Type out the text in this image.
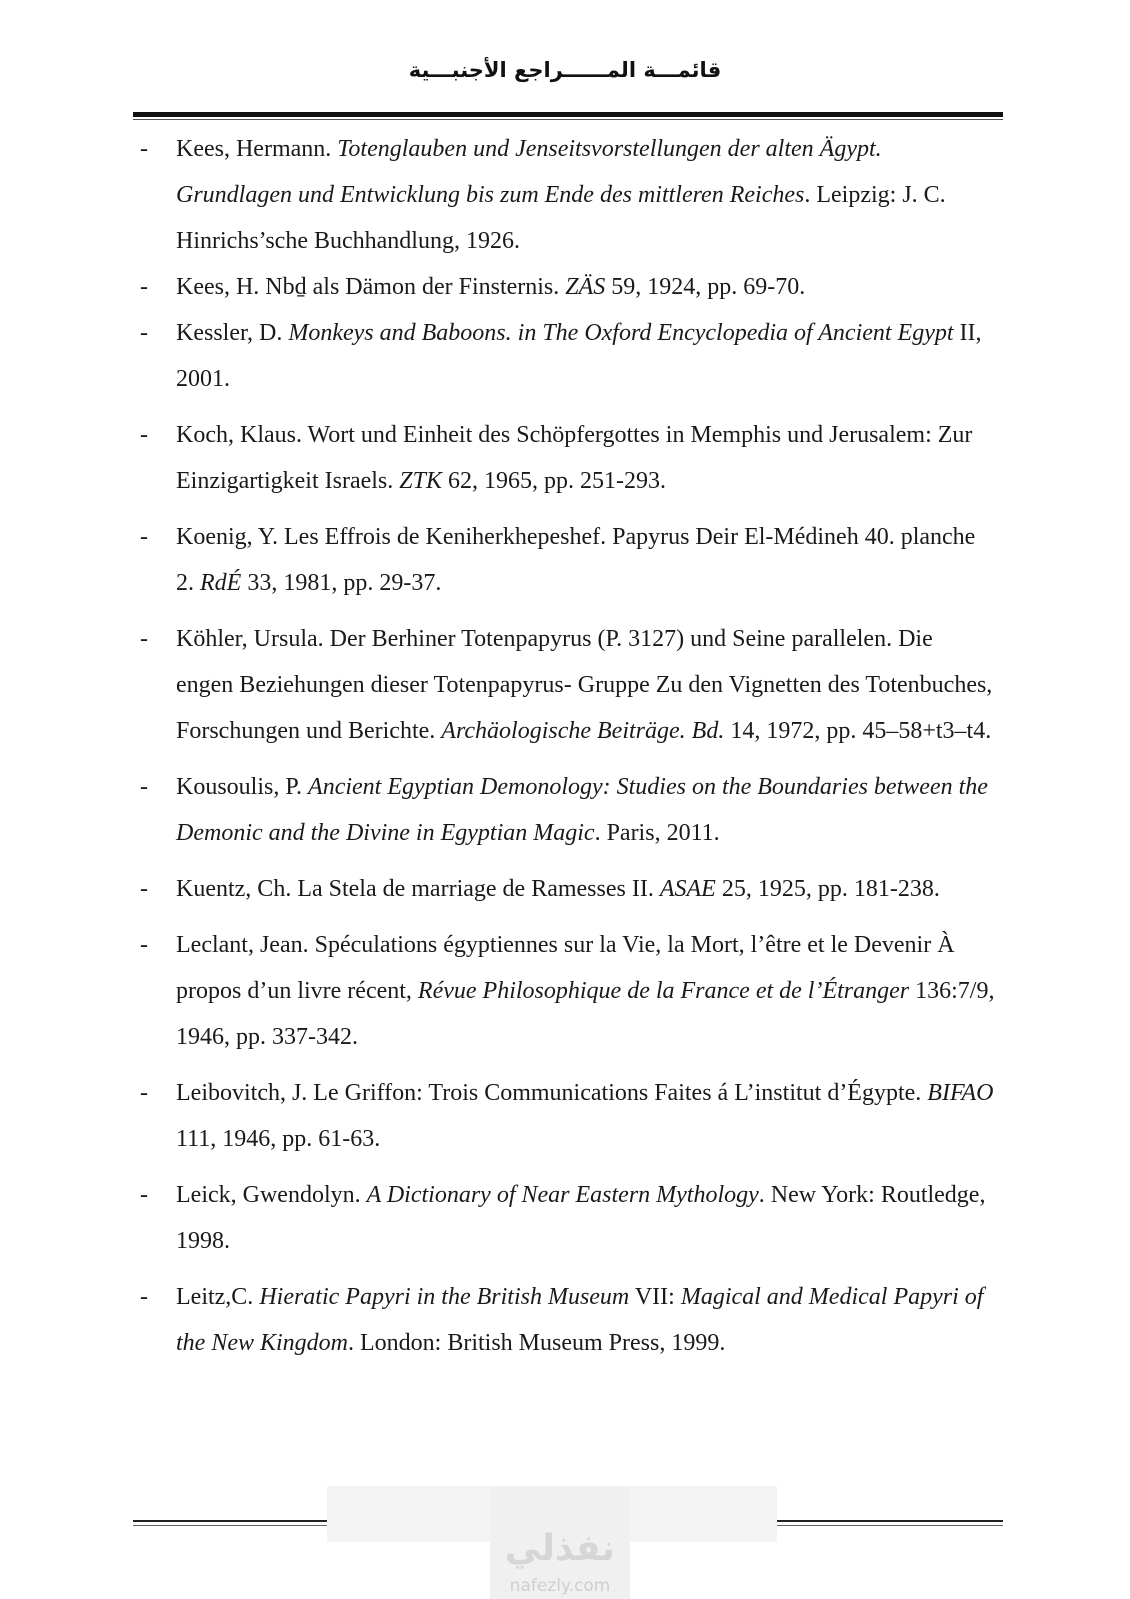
قائمـــة المــــــراجع الأجنبـــية
- Kees, Hermann. Totenglauben und Jenseitsvorstellungen der alten Ägypt. Grundlagen und Entwicklung bis zum Ende des mittleren Reiches. Leipzig: J. C. Hinrichs’sche Buchhandlung, 1926.
- Kees, H. Nbḏ als Dämon der Finsternis. ZÄS 59, 1924, pp. 69-70.
- Kessler, D. Monkeys and Baboons. in The Oxford Encyclopedia of Ancient Egypt II, 2001.
- Koch, Klaus. Wort und Einheit des Schöpfergottes in Memphis und Jerusalem: Zur Einzigartigkeit Israels. ZTK 62, 1965, pp. 251-293.
- Koenig, Y. Les Effrois de Keniherkhepeshef. Papyrus Deir El-Médineh 40. planche 2. RdÉ 33, 1981, pp. 29-37.
- Köhler, Ursula. Der Berhiner Totenpapyrus (P. 3127) und Seine parallelen. Die engen Beziehungen dieser Totenpapyrus- Gruppe Zu den Vignetten des Totenbuches, Forschungen und Berichte. Archäologische Beiträge. Bd. 14, 1972, pp. 45–58+t3–t4.
- Kousoulis, P. Ancient Egyptian Demonology: Studies on the Boundaries between the Demonic and the Divine in Egyptian Magic. Paris, 2011.
- Kuentz, Ch. La Stela de marriage de Ramesses II. ASAE 25, 1925, pp. 181-238.
- Leclant, Jean. Spéculations égyptiennes sur la Vie, la Mort, l’être et le Devenir À propos d’un livre récent, Révue Philosophique de la France et de l’Étranger 136:7/9, 1946, pp. 337-342.
- Leibovitch, J. Le Griffon: Trois Communications Faites á L’institut d’Égypte. BIFAO 111, 1946, pp. 61-63.
- Leick, Gwendolyn. A Dictionary of Near Eastern Mythology. New York: Routledge, 1998.
- Leitz,C. Hieratic Papyri in the British Museum VII: Magical and Medical Papyri of the New Kingdom. London: British Museum Press, 1999.
نفذلي
nafezly.com
